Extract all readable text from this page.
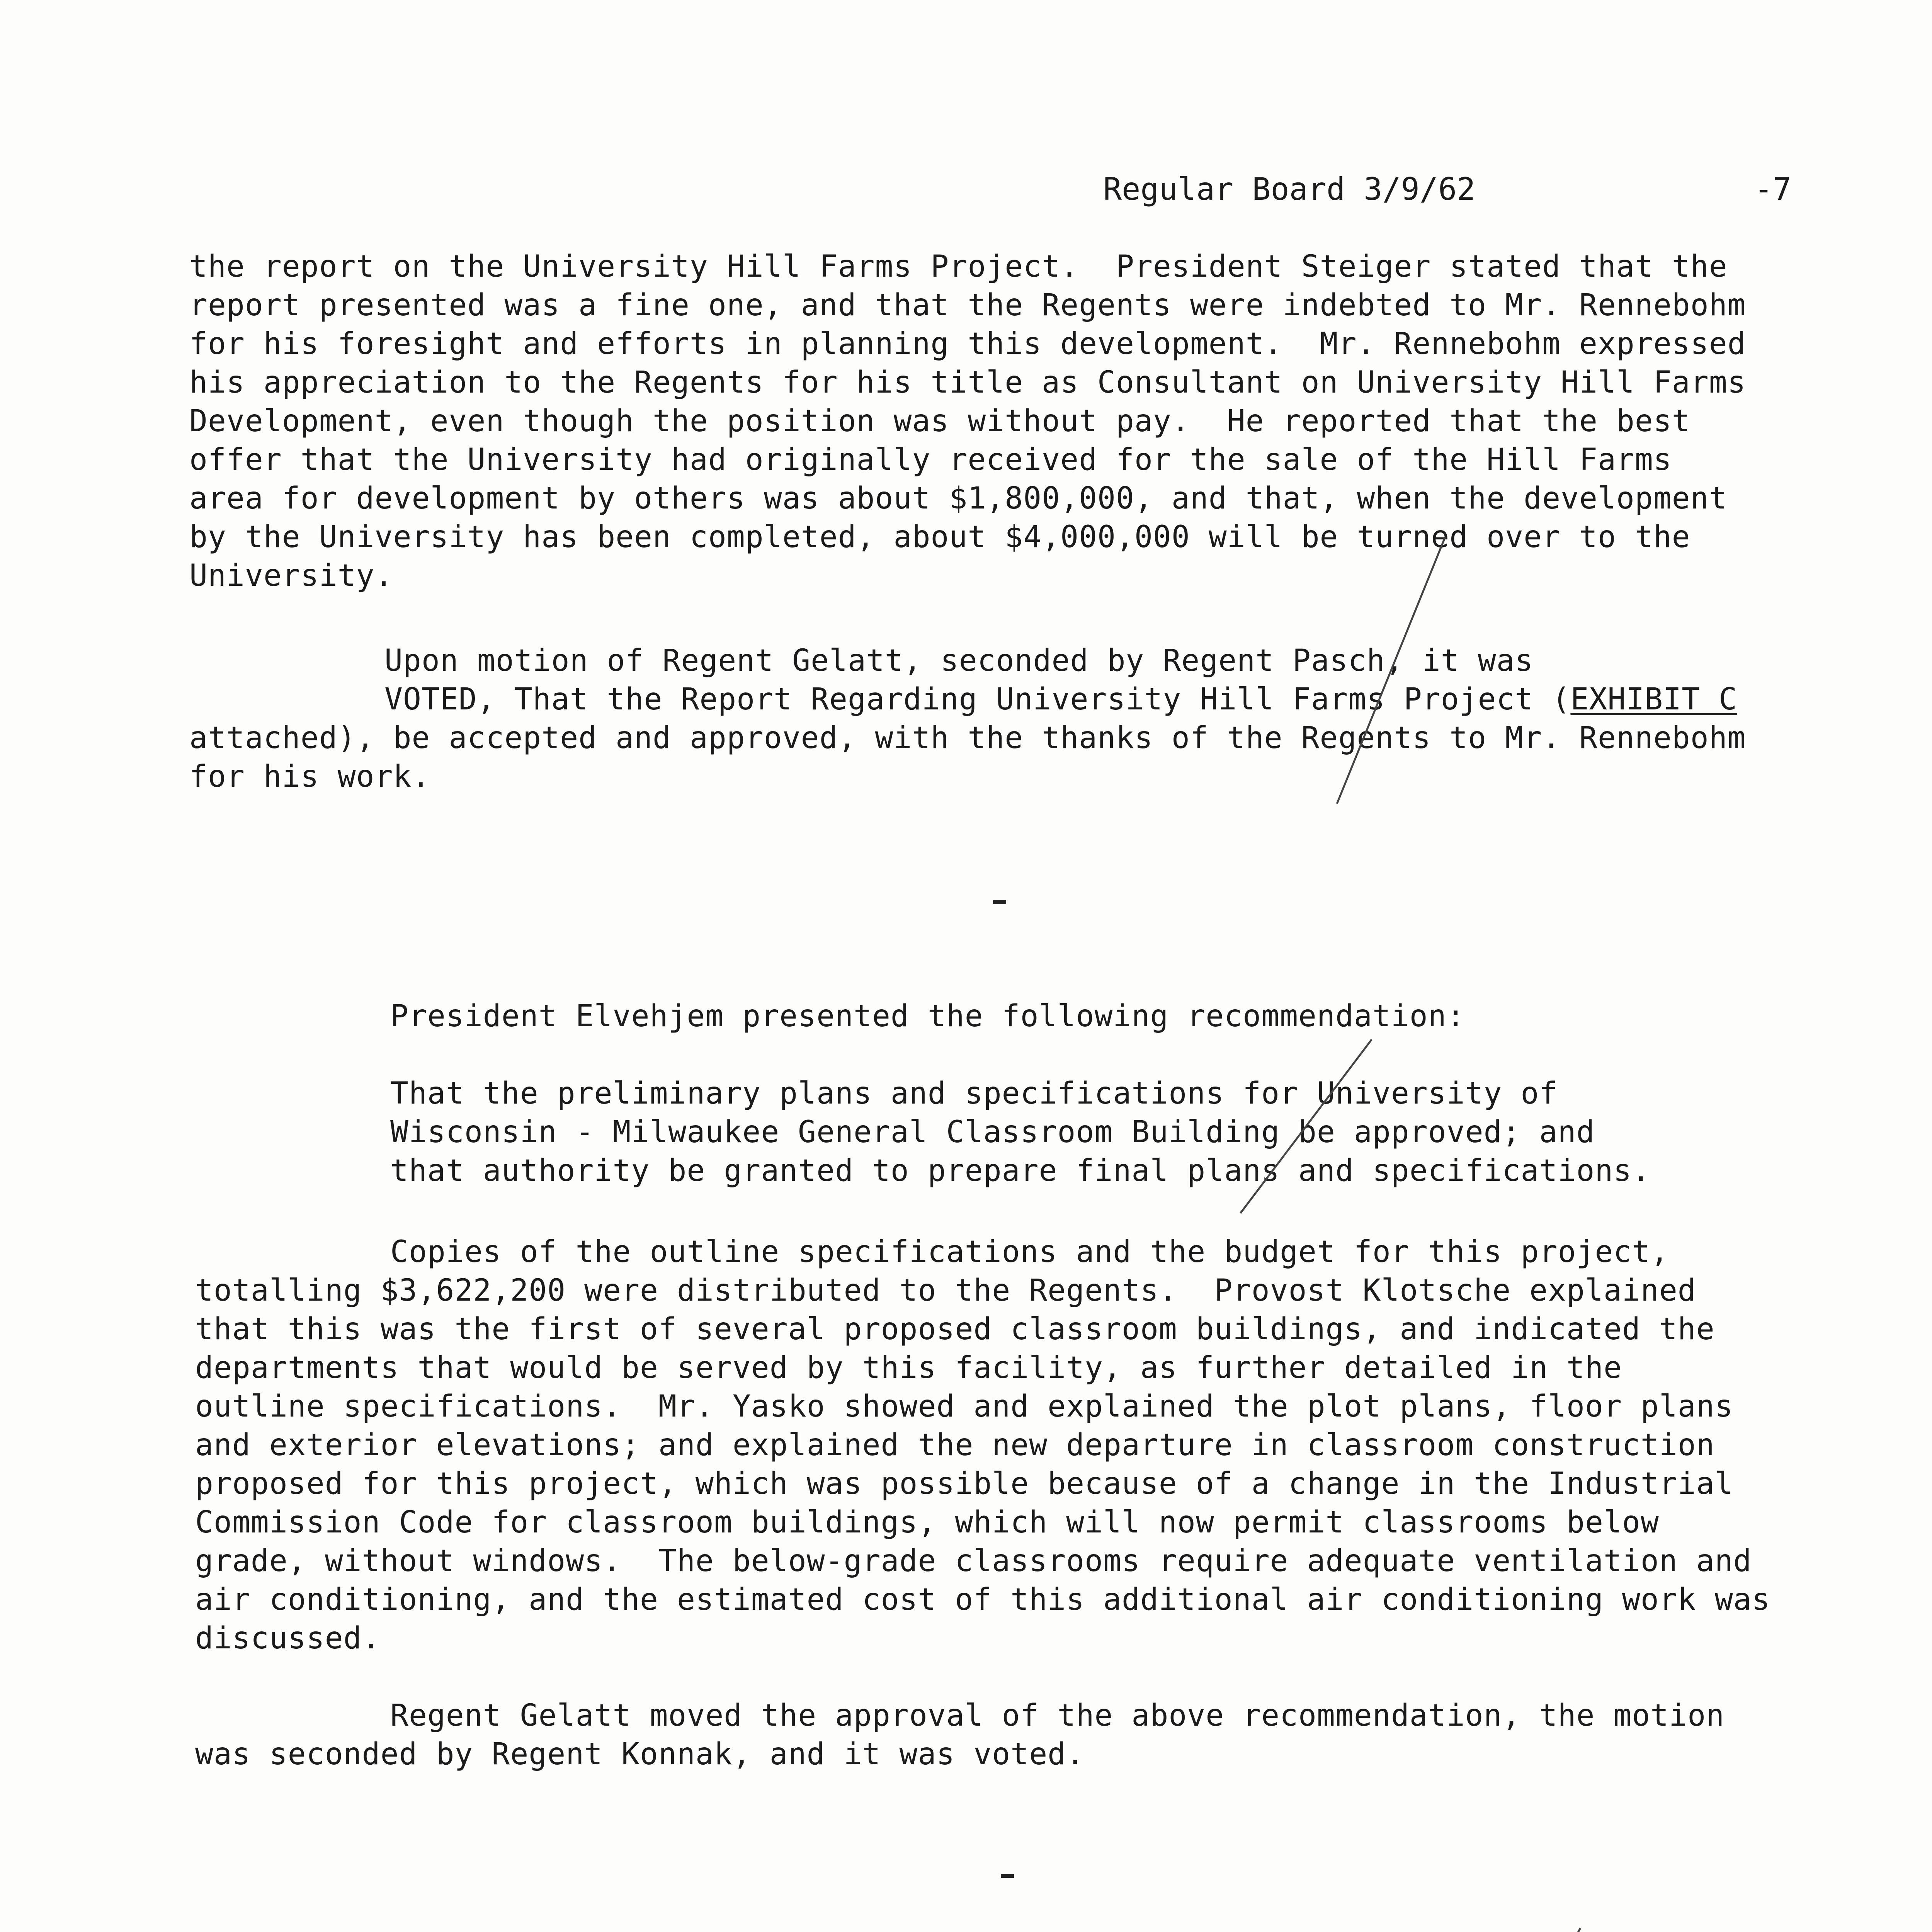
Regular Board 3/9/62	-7
the report on the University Hill Farms Project.  President Steiger stated that the
report presented was a fine one, and that the Regents were indebted to Mr. Rennebohm
for his foresight and efforts in planning this development.  Mr. Rennebohm expressed
his appreciation to the Regents for his title as Consultant on University Hill Farms
Development, even though the position was without pay.  He reported that the best
offer that the University had originally received for the sale of the Hill Farms
area for development by others was about $1,800,000, and that, when the development
by the University has been completed, about $4,000,000 will be turned over to the
University.
Upon motion of Regent Gelatt, seconded by Regent Pasch, it was
VOTED, That the Report Regarding University Hill Farms Project (EXHIBIT C
attached), be accepted and approved, with the thanks of the Regents to Mr. Rennebohm
for his work.
President Elvehjem presented the following recommendation:
That the preliminary plans and specifications for University of
Wisconsin - Milwaukee General Classroom Building be approved; and
that authority be granted to prepare final plans and specifications.
Copies of the outline specifications and the budget for this project,
totalling $3,622,200 were distributed to the Regents.  Provost Klotsche explained
that this was the first of several proposed classroom buildings, and indicated the
departments that would be served by this facility, as further detailed in the
outline specifications.  Mr. Yasko showed and explained the plot plans, floor plans
and exterior elevations; and explained the new departure in classroom construction
proposed for this project, which was possible because of a change in the Industrial
Commission Code for classroom buildings, which will now permit classrooms below
grade, without windows.  The below-grade classrooms require adequate ventilation and
air conditioning, and the estimated cost of this additional air conditioning work was
discussed.
Regent Gelatt moved the approval of the above recommendation, the motion
was seconded by Regent Konnak, and it was voted.
